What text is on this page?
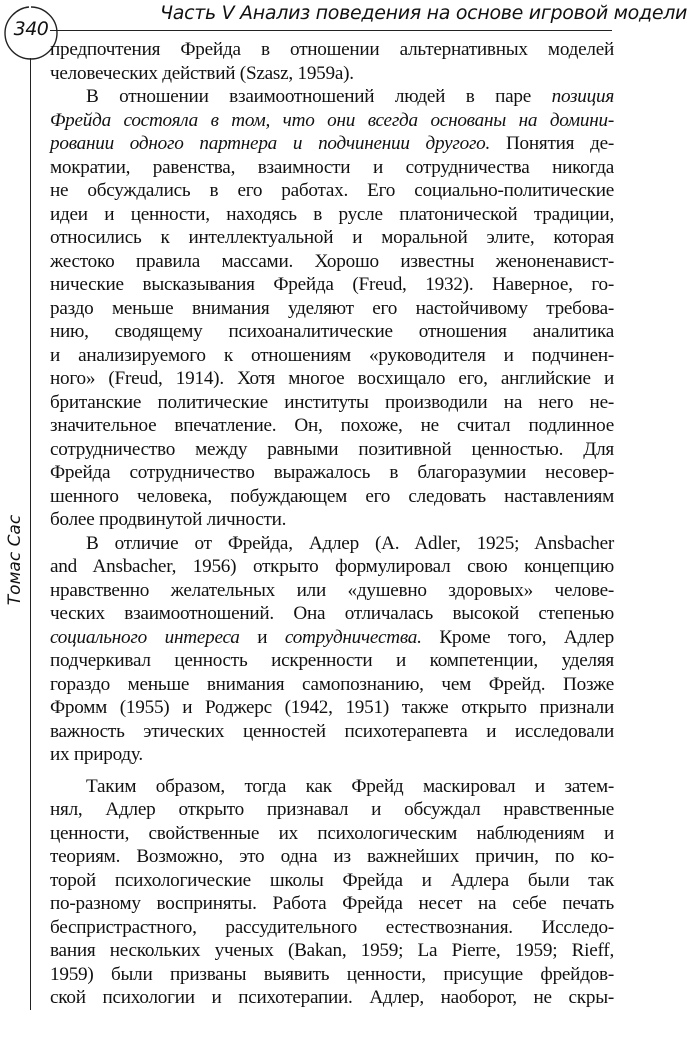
340
Часть V Анализ поведения на основе игровой модели
Томас Сас
предпочтения Фрейда в отношении альтернативных моделей
человеческих действий (Szasz, 1959a).
В отношении взаимоотношений людей в паре позиция
Фрейда состояла в том, что они всегда основаны на домини-
ровании одного партнера и подчинении другого. Понятия де-
мократии, равенства, взаимности и сотрудничества никогда
не обсуждались в его работах. Его социально-политические
идеи и ценности, находясь в русле платонической традиции,
относились к интеллектуальной и моральной элите, которая
жестоко правила массами. Хорошо известны женоненавист-
нические высказывания Фрейда (Freud, 1932). Наверное, го-
раздо меньше внимания уделяют его настойчивому требова-
нию, сводящему психоаналитические отношения аналитика
и анализируемого к отношениям «руководителя и подчинен-
ного» (Freud, 1914). Хотя многое восхищало его, английские и
британские политические институты производили на него не-
значительное впечатление. Он, похоже, не считал подлинное
сотрудничество между равными позитивной ценностью. Для
Фрейда сотрудничество выражалось в благоразумии несовер-
шенного человека, побуждающем его следовать наставлениям
более продвинутой личности.
В отличие от Фрейда, Адлер (A. Adler, 1925; Ansbacher
and Ansbacher, 1956) открыто формулировал свою концепцию
нравственно желательных или «душевно здоровых» челове-
ческих взаимоотношений. Она отличалась высокой степенью
социального интереса и сотрудничества. Кроме того, Адлер
подчеркивал ценность искренности и компетенции, уделяя
гораздо меньше внимания самопознанию, чем Фрейд. Позже
Фромм (1955) и Роджерс (1942, 1951) также открыто признали
важность этических ценностей психотерапевта и исследовали
их природу.
Таким образом, тогда как Фрейд маскировал и затем-
нял, Адлер открыто признавал и обсуждал нравственные
ценности, свойственные их психологическим наблюдениям и
теориям. Возможно, это одна из важнейших причин, по ко-
торой психологические школы Фрейда и Адлера были так
по-разному восприняты. Работа Фрейда несет на себе печать
беспристрастного, рассудительного естествознания. Исследо-
вания нескольких ученых (Bakan, 1959; La Pierre, 1959; Rieff,
1959) были призваны выявить ценности, присущие фрейдов-
ской психологии и психотерапии. Адлер, наоборот, не скры-
